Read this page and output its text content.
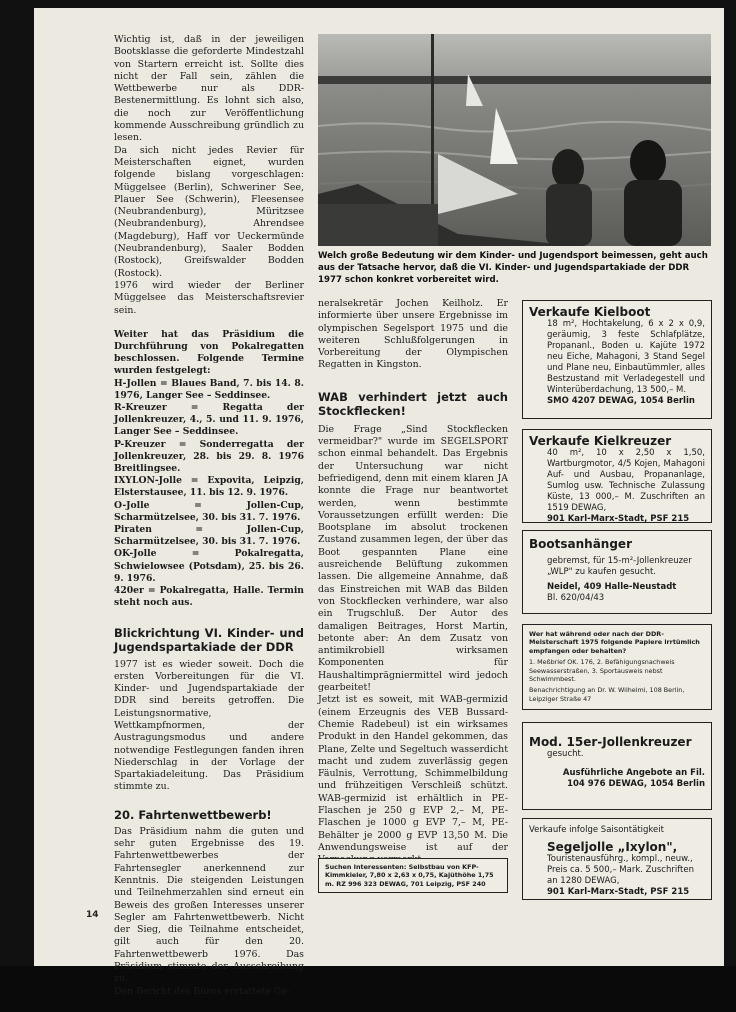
Wichtig ist, daß in der jeweiligen Bootsklasse die geforderte Mindestzahl von Startern erreicht ist. Sollte dies nicht der Fall sein, zählen die Wettbewerbe nur als DDR-Bestenermittlung. Es lohnt sich also, die noch zur Veröffentlichung kommende Ausschreibung gründlich zu lesen.

Da sich nicht jedes Revier für Meisterschaften eignet, wurden folgende bislang vorgeschlagen: Müggelsee (Berlin), Schweriner See, Plauer See (Schwerin), Fleesensee (Neubrandenburg), Müritzsee (Neubrandenburg), Ahrendsee (Magdeburg), Haff vor Ueckermünde (Neubrandenburg), Saaler Bodden (Rostock), Greifswalder Bodden (Rostock).

1976 wird wieder der Berliner Müggelsee das Meisterschaftsrevier sein.

Weiter hat das Präsidium die Durchführung von Pokalregatten beschlossen. Folgende Termine wurden festgelegt:

H-Jollen = Blaues Band, 7. bis 14. 8. 1976, Langer See – Seddinsee.

R-Kreuzer = Regatta der Jollenkreuzer, 4., 5. und 11. 9. 1976, Langer See – Seddinsee.

P-Kreuzer = Sonderregatta der Jollenkreuzer, 28. bis 29. 8. 1976 Breitlingsee.

IXYLON-Jolle = Expovita, Leipzig, Elsterstausee, 11. bis 12. 9. 1976.

O-Jolle = Jollen-Cup, Scharmützelsee, 30. bis 31. 7. 1976.

Piraten = Jollen-Cup, Scharmützelsee, 30. bis 31. 7. 1976.

OK-Jolle = Pokalregatta, Schwielowsee (Potsdam), 25. bis 26. 9. 1976.

420er = Pokalregatta, Halle. Termin steht noch aus.

Blickrichtung VI. Kinder- und Jugendspartakiade der DDR

1977 ist es wieder soweit. Doch die ersten Vorbereitungen für die VI. Kinder- und Jugendspartakiade der DDR sind bereits getroffen. Die Leistungsnormative, Wettkampfnormen, der Austragungsmodus und andere notwendige Festlegungen fanden ihren Niederschlag in der Vorlage der Spartakiadeleitung. Das Präsidium stimmte zu.

20. Fahrtenwettbewerb!

Das Präsidium nahm die guten und sehr guten Ergebnisse des 19. Fahrtenwettbewerbes der Fahrtensegler anerkennend zur Kenntnis. Die steigenden Leistungen und Teilnehmerzahlen sind erneut ein Beweis des großen Interesses unserer Segler am Fahrtenwettbewerb. Nicht der Sieg, die Teilnahme entscheidet, gilt auch für den 20. Fahrtenwettbewerb 1976. Das Präsidium stimmte der Ausschreibung zu.

Den Bericht des Büros erstattete Ge-

Welch große Bedeutung wir dem Kinder- und Jugendsport beimessen, geht auch aus der Tatsache hervor, daß die VI. Kinder- und Jugendspartakiade der DDR 1977 schon konkret vorbereitet wird.

neralsekretär Jochen Keilholz. Er informierte über unsere Ergebnisse im olympischen Segelsport 1975 und die weiteren Schlußfolgerungen in Vorbereitung der Olympischen Regatten in Kingston.

WAB verhindert jetzt auch Stockflecken!

Die Frage „Sind Stockflecken vermeidbar?" wurde im SEGELSPORT schon einmal behandelt. Das Ergebnis der Untersuchung war nicht befriedigend, denn mit einem klaren JA konnte die Frage nur beantwortet werden, wenn bestimmte Voraussetzungen erfüllt werden: Die Bootsplane im absolut trockenen Zustand zusammen legen, der über das Boot gespannten Plane eine ausreichende Belüftung zukommen lassen. Die allgemeine Annahme, daß das Einstreichen mit WAB das Bilden von Stockflecken verhindere, war also ein Trugschluß. Der Autor des damaligen Beitrages, Horst Martin, betonte aber: An dem Zusatz von antimikrobiell wirksamen Komponenten für Haushaltimprägniermittel wird jedoch gearbeitet!

Jetzt ist es soweit, mit WAB-germizid (einem Erzeugnis des VEB Bussard-Chemie Radebeul) ist ein wirksames Produkt in den Handel gekommen, das Plane, Zelte und Segeltuch wasserdicht macht und zudem zuverlässig gegen Fäulnis, Verrottung, Schimmelbildung und frühzeitigen Verschleiß schützt. WAB-germizid ist erhältlich in PE-Flaschen je 250 g EVP 2,– M, PE-Flaschen je 1000 g EVP 7,– M, PE-Behälter je 2000 g EVP 13,50 M. Die Anwendungsweise ist auf der

Suchen Interessenten: Selbstbau von KFP-Kimmkieler, 7,80 x 2,63 x 0,75, Kajüthöhe 1,75 m. RZ 996 323 DEWAG, 701 Leipzig, PSF 240
Verkaufe Kielboot
18 m², Hochtakelung, 6 x 2 x 0,9, geräumig, 3 feste Schlafplätze, Propananl., Boden u. Kajüte 1972 neu Eiche, Mahagoni, 3 Stand Segel und Plane neu, Einbautümmler, alles Bestzustand mit Verladegestell und Winterüberdachung, 13 500,– M.
SMO 4207 DEWAG, 1054 Berlin
Verkaufe Kielkreuzer
40 m², 10 x 2,50 x 1,50, Wartburgmotor, 4/5 Kojen, Mahagoni Auf- und Ausbau, Propananlage, Sumlog usw. Technische Zulassung Küste, 13 000,– M. Zuschriften an 1519 DEWAG,
901 Karl-Marx-Stadt, PSF 215
Bootsanhänger
gebremst, für 15-m²-Jollenkreuzer „WLP" zu kaufen gesucht.
Neidel, 409 Halle-Neustadt
Bl. 620/04/43
Wer hat während oder nach der DDR-Meisterschaft 1975 folgende Papiere irrtümlich empfangen oder behalten?
1. Meßbrief OK. 176, 2. Befähigungsnachweis Seewasserstraßen, 3. Sportausweis nebst Schwimmbest.
Benachrichtigung an Dr. W. Wilhelmi, 108 Berlin, Leipziger Straße 47
Mod. 15er-Jollenkreuzer
gesucht.
Ausführliche Angebote an Fil. 104 976 DEWAG, 1054 Berlin
Verkaufe infolge Saisontätigkeit
Segeljolle „Ixylon",
Touristenausführg., kompl., neuw., Preis ca. 5 500,– Mark. Zuschriften an 1280 DEWAG,
901 Karl-Marx-Stadt, PSF 215
14
